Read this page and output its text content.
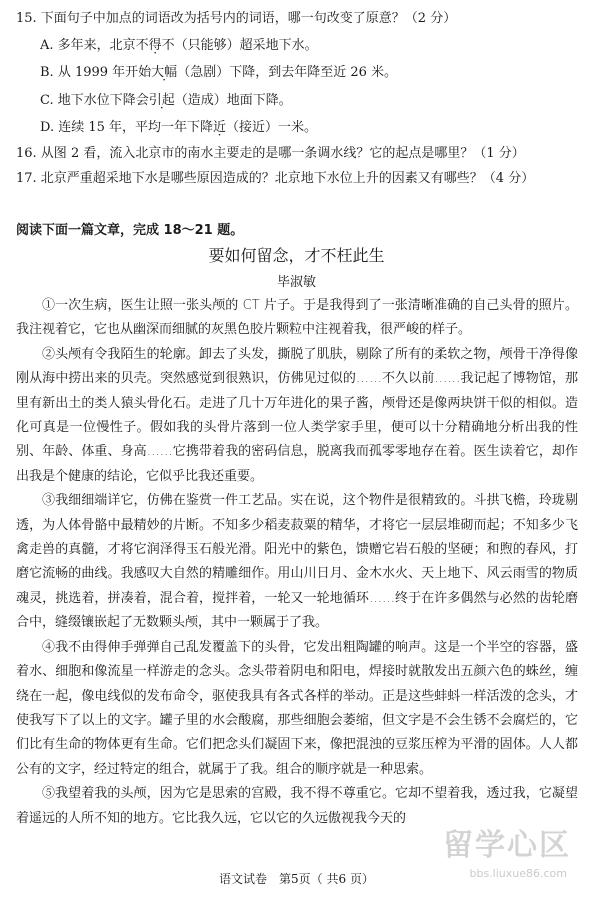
15. 下面句子中加点的词语改为括号内的词语，哪一句改变了原意？（2 分）
A. 多年来，北京不得不（只能够）超采地下水。
B. 从 1999 年开始大幅（急剧）下降，到去年降至近 26 米。
C. 地下水位下降会引起（造成）地面下降。
D. 连续 15 年，平均一年下降近（接近）一米。
16. 从图 2 看，流入北京市的南水主要走的是哪一条调水线？它的起点是哪里？（1 分）
17. 北京严重超采地下水是哪些原因造成的？北京地下水位上升的因素又有哪些？（4 分）
阅读下面一篇文章，完成 18～21 题。
要如何留念，才不枉此生
毕淑敏

①一次生病，医生让照一张头颅的 CT 片子。于是我得到了一张清晰准确的自己头骨的照片。我注视着它，它也从幽深而细腻的灰黑色胶片颗粒中注视着我，很严峻的样子。

②头颅有令我陌生的轮廓。卸去了头发，撕脱了肌肤，剔除了所有的柔软之物，颅骨干净得像刚从海中捞出来的贝壳。突然感觉到很熟识，仿佛见过似的……不久以前……我记起了博物馆，那里有新出土的类人猿头骨化石。走进了几十万年进化的果子酱，颅骨还是像两块饼干似的相似。造化可真是一位慢性子。假如我的头骨片落到一位人类学家手里，便可以十分精确地分析出我的性别、年龄、体重、身高……它携带着我的密码信息，脱离我而孤零零地存在着。医生读着它，却作出我是个健康的结论，它似乎比我还重要。

③我细细端详它，仿佛在鉴赏一件工艺品。实在说，这个物件是很精致的。斗拱飞檐，玲珑剔透，为人体骨骼中最精妙的片断。不知多少稻麦菽粟的精华，才将它一层层堆砌而起；不知多少飞禽走兽的真髓，才将它润泽得玉石般光滑。阳光中的紫色，馈赠它岩石般的坚硬；和煦的春风，打磨它流畅的曲线。我感叹大自然的精雕细作。用山川日月、金木水火、天上地下、风云雨雪的物质魂灵，挑选着，拼凑着，混合着，搅拌着，一轮又一轮地循环……终于在许多偶然与必然的齿轮磨合中，缝缀镶嵌起了无数颗头颅，其中一颗属于了我。

④我不由得伸手弹弹自己乱发覆盖下的头骨，它发出粗陶罐的响声。这是一个半空的容器，盛着水、细胞和像流星一样游走的念头。念头带着阴电和阳电，焊接时就散发出五颜六色的蛛丝，缠绕在一起，像电线似的发布命令，驱使我具有各式各样的举动。正是这些蚌蚪一样活泼的念头，才使我写下了以上的文字。罐子里的水会酸腐，那些细胞会萎缩，但文字是不会生锈不会腐烂的，它们比有生命的物体更有生命。它们把念头们凝固下来，像把混浊的豆浆压榨为平滑的固体。人人都公有的文字，经过特定的组合，就属于了我。组合的顺序就是一种思索。

⑤我望着我的头颅，因为它是思索的宫殿，我不得不尊重它。它却不望着我，透过我，它凝望着遥远的人所不知的地方。它比我久远，它以它的久远傲视我今天的

语文试卷　第5页（ 共6 页）
留学心区
bbs.liuxue86.com
